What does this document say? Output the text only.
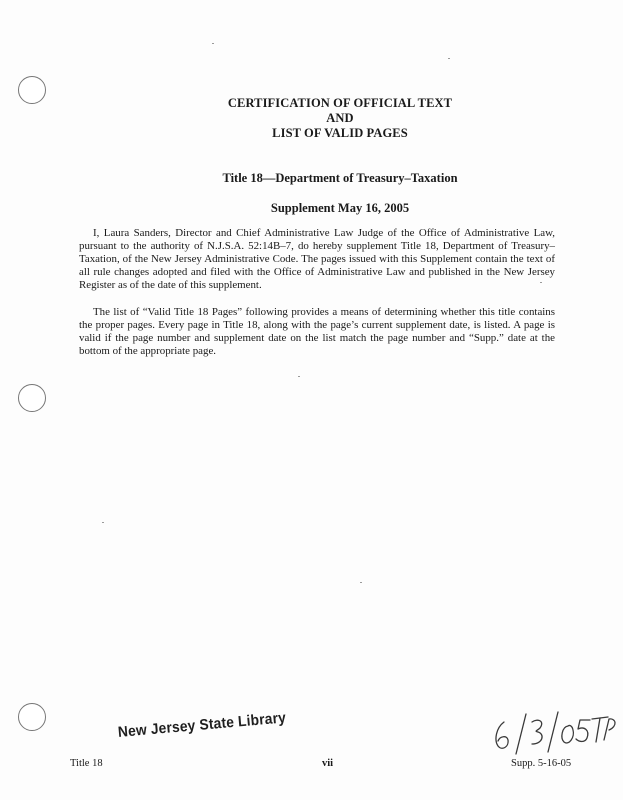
CERTIFICATION OF OFFICIAL TEXT
AND
LIST OF VALID PAGES
Title 18—Department of Treasury–Taxation
Supplement May 16, 2005

I, Laura Sanders, Director and Chief Administrative Law Judge of the Office of Administrative Law, pursuant to the authority of N.J.S.A. 52:14B–7, do hereby supplement Title 18, Department of Treasury–Taxation, of the New Jersey Administrative Code. The pages issued with this Supplement contain the text of all rule changes adopted and filed with the Office of Administrative Law and published in the New Jersey Register as of the date of this supplement.

The list of “Valid Title 18 Pages” following provides a means of determining whether this title contains the proper pages. Every page in Title 18, along with the page’s current supplement date, is listed. A page is valid if the page number and supplement date on the list match the page number and “Supp.” date at the bottom of the appropriate page.

New Jersey State Library
Title 18	vii	Supp. 5-16-05
